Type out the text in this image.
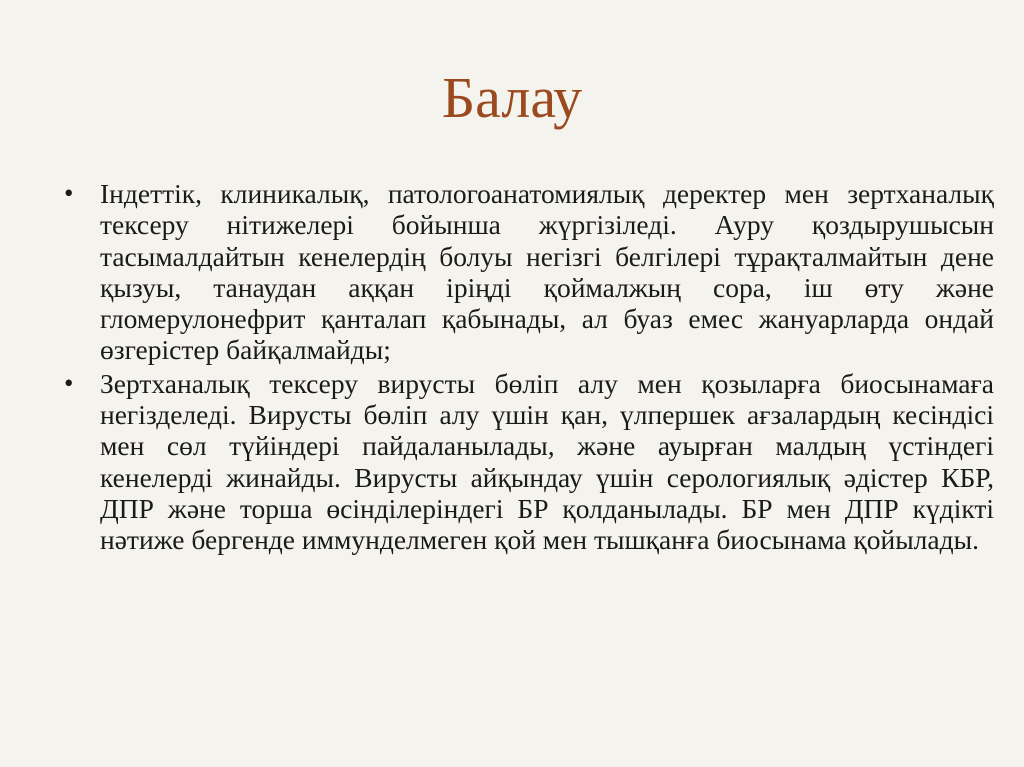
Балау
• Індеттік, клиникалық, патологоанатомиялық деректер мен зертханалық тексеру нітижелері бойынша жүргізіледі. Ауру қоздырушысын тасымалдайтын кенелердің болуы негізгі белгілері тұрақталмайтын дене қызуы, танаудан аққан іріңді қоймалжың сора, іш өту және гломерулонефрит қанталап қабынады, ал буаз емес жануарларда ондай өзгерістер байқалмайды;
• Зертханалық тексеру вирусты бөліп алу мен қозыларға биосынамаға негізделеді. Вирусты бөліп алу үшін қан, үлпершек ағзалардың кесіндісі мен сөл түйіндері пайдаланылады, және ауырған малдың үстіндегі кенелерді жинайды. Вирусты айқындау үшін серологиялық әдістер КБР, ДПР және торша өсінділеріндегі БР қолданылады. БР мен ДПР күдікті нәтиже бергенде иммунделмеген қой мен тышқанға биосынама қойылады.
